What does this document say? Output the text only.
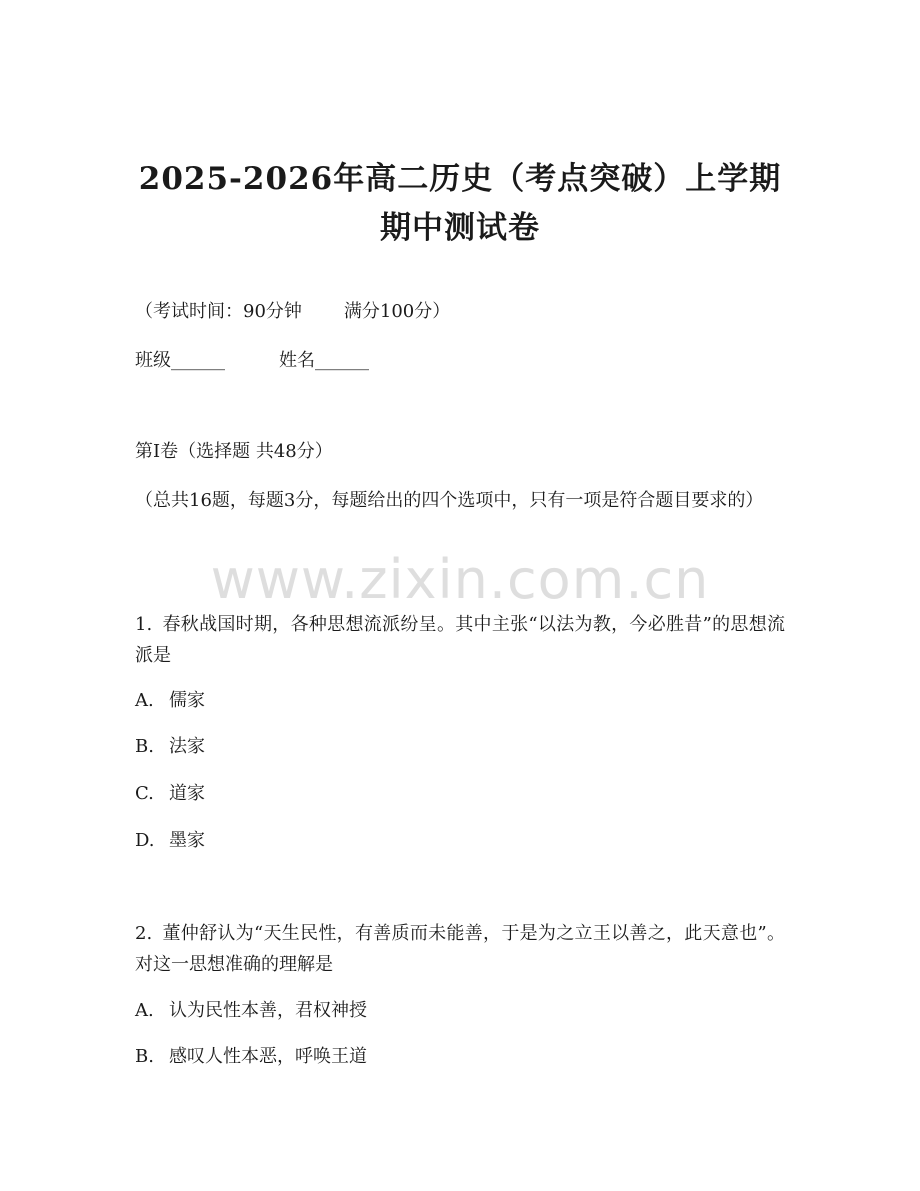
2025-2026年高二历史（考点突破）上学期
期中测试卷
（考试时间：90分钟 满分100分）
班级______	姓名______
第Ⅰ卷（选择题 共48分）
（总共16题，每题3分，每题给出的四个选项中，只有一项是符合题目要求的）
www.zixin.com.cn
1. 春秋战国时期，各种思想流派纷呈。其中主张“以法为教，今必胜昔”的思想流派是
A. 儒家
B. 法家
C. 道家
D. 墨家
2. 董仲舒认为“天生民性，有善质而未能善，于是为之立王以善之，此天意也”。对这一思想准确的理解是
A. 认为民性本善，君权神授
B. 感叹人性本恶，呼唤王道
